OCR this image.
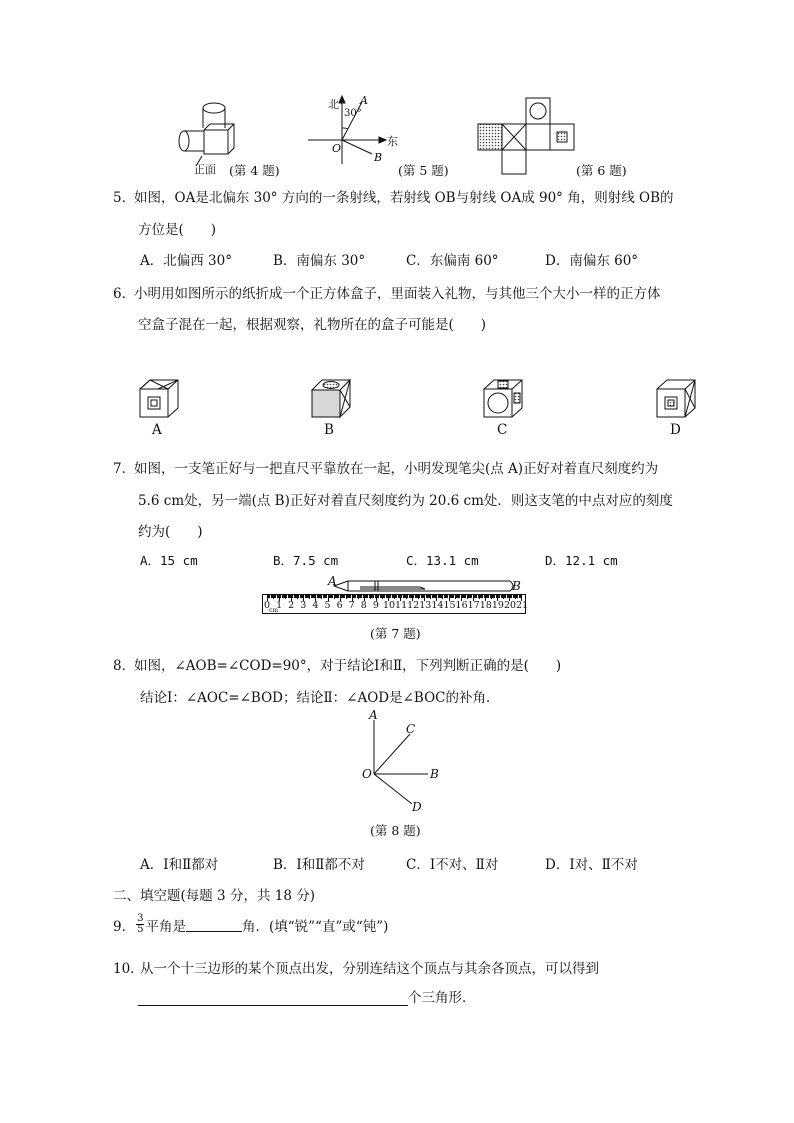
正面 (第 4 题)
北 A
30°
东
O
B
(第 5 题)	(第 6 题)
5．
如图，OA是北偏东 30° 方向的一条射线，若射线 OB与射线 OA成 90° 角，则射线 OB的
方位是(　　)
A．北偏西 30°	B．南偏东 30°	C．东偏南 60°	D．南偏东 60°
6．
小明用如图所示的纸折成一个正方体盒子，里面装入礼物，与其他三个大小一样的正方体
空盒子混在一起，根据观察，礼物所在的盒子可能是(　　)
A	B	C	D
7．
如图，一支笔正好与一把直尺平靠放在一起，小明发现笔尖(点 A)正好对着直尺刻度约为
5.6 cm处，另一端(点 B)正好对着直尺刻度约为 20.6 cm处．则这支笔的中点对应的刻度
约为(　　)
A．15 cm	B．7.5 cm	C．13.1 cm	D．12.1 cm
A	B
0 1 2 3 4 5 6 7 8 9 10 11 12 13 14 15 16 17 18 19 20 21
cm
(第 7 题)
8．
如图，∠AOB=∠COD=90°，对于结论Ⅰ和Ⅱ，下列判断正确的是(　　)
结论Ⅰ：∠AOC=∠BOD；结论Ⅱ：∠AOD是∠BOC的补角．
A
C
O	B
D
(第 8 题)
A．Ⅰ和Ⅱ都对	B．Ⅰ和Ⅱ都不对	C．Ⅰ不对、Ⅱ对	D．Ⅰ对、Ⅱ不对
二、填空题(每题 3 分，共 18 分)
9． $\frac{3}{5}$ 平角是	角．(填“锐”“直”或“钝”)
10．
从一个十三边形的某个顶点出发，分别连结这个顶点与其余各顶点，可以得到
个三角形．
